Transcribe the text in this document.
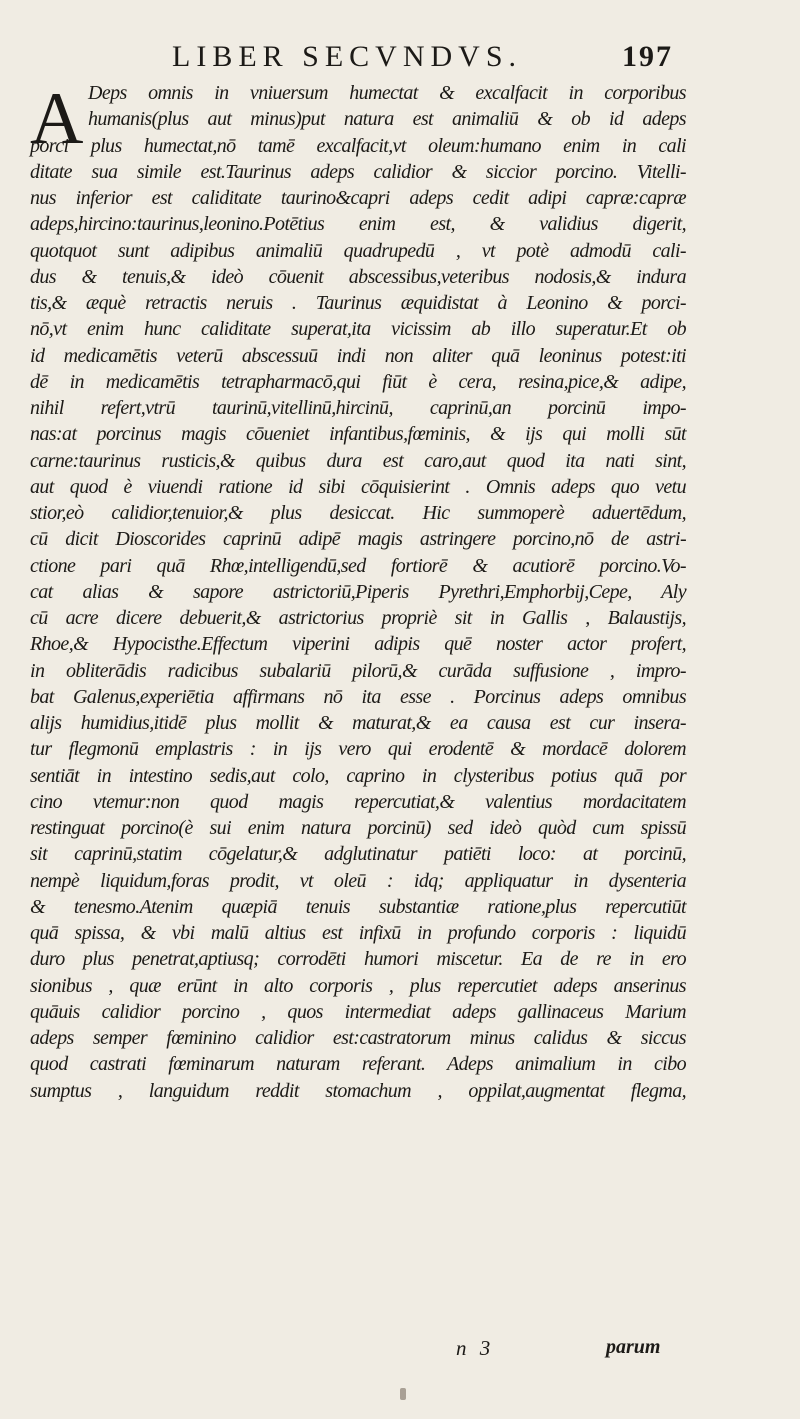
LIBER SECVNDVS.	197
A Deps omnis in vniuersum humectat & excalfacit in corporibus
humanis(plus aut minus)put natura est animaliū & ob id adeps
porci plus humectat,nō tamē excalfacit,vt oleum:humano enim in cali
ditate sua simile est.Taurinus adeps calidior & siccior porcino. Vitelli-
nus inferior est caliditate taurino&capri adeps cedit adipi capræ:capræ
adeps,hircino:taurinus,leonino.Potētius enim est, & validius digerit,
quotquot sunt adipibus animaliū quadrupedū , vt potè admodū cali-
dus & tenuis,& ideò cōuenit abscessibus,veteribus nodosis,& indura
tis,& æquè retractis neruis . Taurinus æquidistat à Leonino & porci-
nō,vt enim hunc caliditate superat,ita vicissim ab illo superatur.Et ob
id medicamētis veterū abscessuū indi non aliter quā leoninus potest:iti
dē in medicamētis tetrapharmacō,qui fiūt è cera, resina,pice,& adipe,
nihil refert,vtrū taurinū,vitellinū,hircinū, caprinū,an porcinū impo-
nas:at porcinus magis cōueniet infantibus,fœminis, & ijs qui molli sūt
carne:taurinus rusticis,& quibus dura est caro,aut quod ita nati sint,
aut quod è viuendi ratione id sibi cōquisierint . Omnis adeps quo vetu
stior,eò calidior,tenuior,& plus desiccat. Hic summoperè aduertēdum,
cū dicit Dioscorides caprinū adipē magis astringere porcino,nō de astri-
ctione pari quā Rhœ,intelligendū,sed fortiorē & acutiorē porcino.Vo-
cat alias & sapore astrictoriū,Piperis Pyrethri,Emphorbij,Cepe, Aly
cū acre dicere debuerit,& astrictorius propriè sit in Gallis , Balaustijs,
Rhoe,& Hypocisthe.Effectum viperini adipis quē noster actor profert,
in obliterādis radicibus subalariū pilorū,& curāda suffusione , impro-
bat Galenus,experiētia affirmans nō ita esse . Porcinus adeps omnibus
alijs humidius,itidē plus mollit & maturat,& ea causa est cur insera-
tur flegmonū emplastris : in ijs vero qui erodentē & mordacē dolorem
sentiāt in intestino sedis,aut colo, caprino in clysteribus potius quā por
cino vtemur:non quod magis repercutiat,& valentius mordacitatem
restinguat porcino(è sui enim natura porcinū) sed ideò quòd cum spissū
sit caprinū,statim cōgelatur,& adglutinatur patiēti loco: at porcinū,
nempè liquidum,foras prodit, vt oleū : idq; appliquatur in dysenteria
& tenesmo.Atenim quæpiā tenuis substantiæ ratione,plus repercutiūt
quā spissa, & vbi malū altius est infixū in profundo corporis : liquidū
duro plus penetrat,aptiusq; corrodēti humori miscetur. Ea de re in ero
sionibus , quæ erūnt in alto corporis , plus repercutiet adeps anserinus
quāuis calidior porcino , quos intermediat adeps gallinaceus Marium
adeps semper fœminino calidior est:castratorum minus calidus & siccus
quod castrati fœminarum naturam referant. Adeps animalium in cibo
sumptus , languidum reddit stomachum , oppilat,augmentat flegma,
n 3	parum
